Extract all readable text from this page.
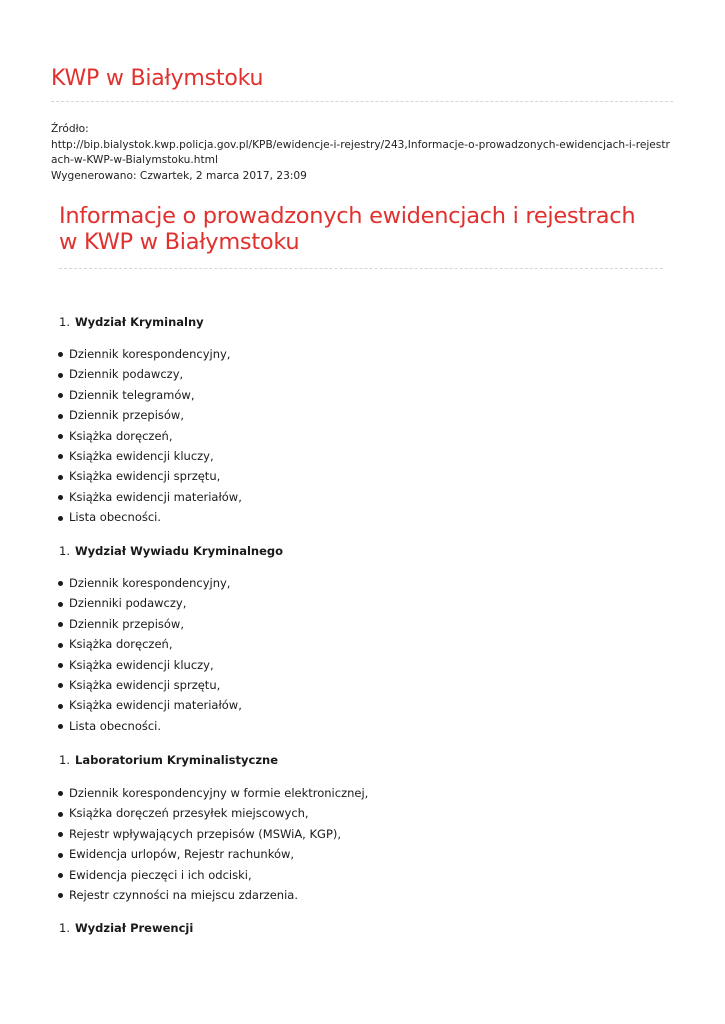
KWP w Białymstoku
Źródło:
http://bip.bialystok.kwp.policja.gov.pl/KPB/ewidencje-i-rejestry/243,Informacje-o-prowadzonych-ewidencjach-i-rejestrach-w-KWP-w-Bialymstoku.html
Wygenerowano: Czwartek, 2 marca 2017, 23:09
Informacje o prowadzonych ewidencjach i rejestrach w KWP w Białymstoku
1. Wydział Kryminalny
Dziennik korespondencyjny,
Dziennik podawczy,
Dziennik telegramów,
Dziennik przepisów,
Książka doręczeń,
Książka ewidencji kluczy,
Książka ewidencji sprzętu,
Książka ewidencji materiałów,
Lista obecności.
1. Wydział Wywiadu Kryminalnego
Dziennik korespondencyjny,
Dzienniki podawczy,
Dziennik przepisów,
Książka doręczeń,
Książka ewidencji kluczy,
Książka ewidencji sprzętu,
Książka ewidencji materiałów,
Lista obecności.
1. Laboratorium Kryminalistyczne
Dziennik korespondencyjny w formie elektronicznej,
Książka doręczeń przesyłek miejscowych,
Rejestr wpływających przepisów (MSWiA, KGP),
Ewidencja urlopów, Rejestr rachunków,
Ewidencja pieczęci i ich odciski,
Rejestr czynności na miejscu zdarzenia.
1. Wydział Prewencji
